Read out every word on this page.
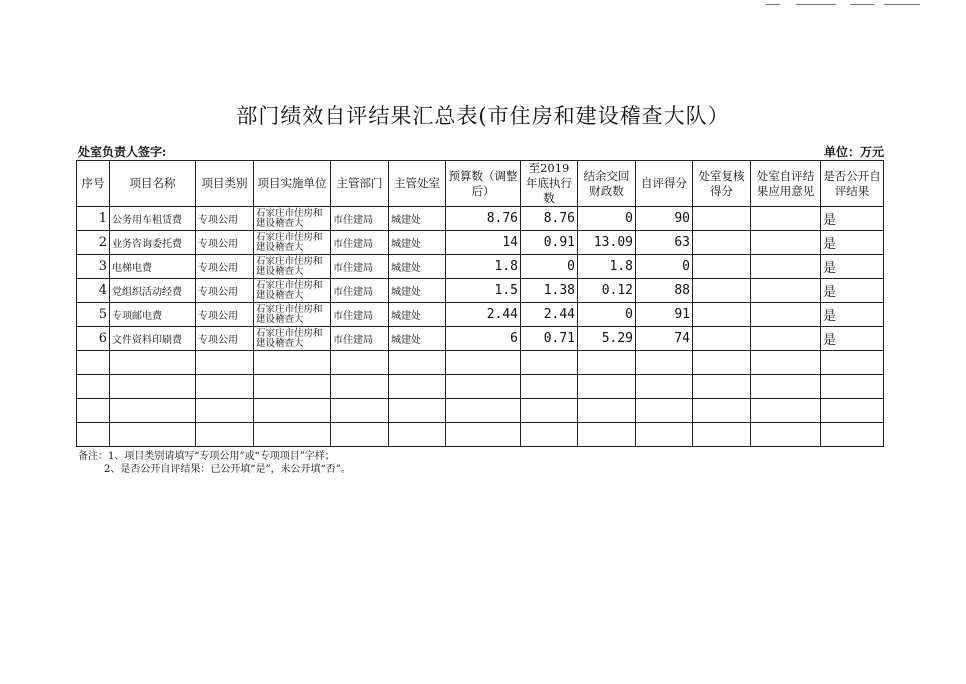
部门绩效自评结果汇总表(市住房和建设稽查大队）
处室负责人签字:	单位：万元
序号	项目名称	项目类别	项目实施单位	主管部门	主管处室	预算数（调整后）	至2019年底执行数	结余交回财政数	自评得分	处室复核得分	处室自评结果应用意见	是否公开自评结果
1	公务用车租赁费	专项公用	石家庄市住房和建设稽查大	市住建局	城建处	8.76	8.76	0	90			是
2	业务咨询委托费	专项公用	石家庄市住房和建设稽查大	市住建局	城建处	14	0.91	13.09	63			是
3	电梯电费	专项公用	石家庄市住房和建设稽查大	市住建局	城建处	1.8	0	1.8	0			是
4	党组织活动经费	专项公用	石家庄市住房和建设稽查大	市住建局	城建处	1.5	1.38	0.12	88			是
5	专项邮电费	专项公用	石家庄市住房和建设稽查大	市住建局	城建处	2.44	2.44	0	91			是
6	文件资料印刷费	专项公用	石家庄市住房和建设稽查大	市住建局	城建处	6	0.71	5.29	74			是

备注：1、项目类别请填写“专项公用”或“专项项目”字样；
2、是否公开自评结果：已公开填“是”，未公开填“否”。
